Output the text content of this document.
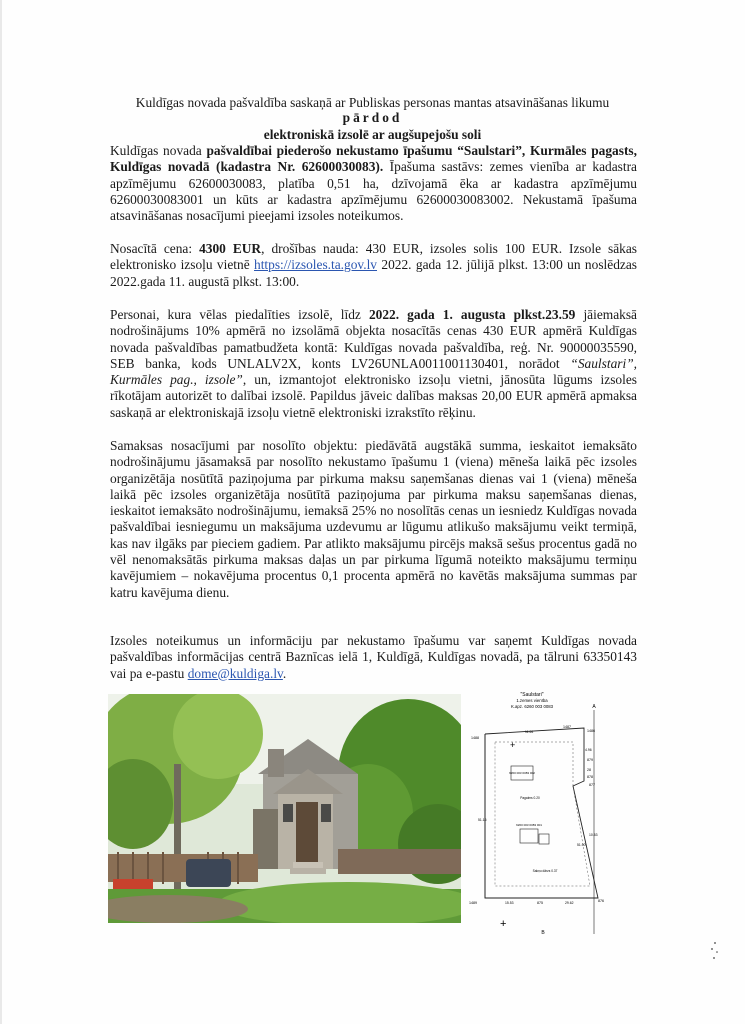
Kuldīgas novada pašvaldība saskaņā ar Publiskas personas mantas atsavināšanas likumu
pārdod
elektroniskā izsolē ar augšupejošu soli
Kuldīgas novada pašvaldībai piederošo nekustamo īpašumu “Saulstari”, Kurmāles pagasts, Kuldīgas novadā (kadastra Nr. 62600030083). Īpašuma sastāvs: zemes vienība ar kadastra apzīmējumu 62600030083, platība 0,51 ha, dzīvojamā ēka ar kadastra apzīmējumu 62600030083001 un kūts ar kadastra apzīmējumu 62600030083002. Nekustamā īpašuma atsavināšanas nosacījumi pieejami izsoles noteikumos.
Nosacītā cena: 4300 EUR, drošības nauda: 430 EUR, izsoles solis 100 EUR. Izsole sākas elektronisko izsoļu vietnē https://izsoles.ta.gov.lv 2022. gada 12. jūlijā plkst. 13:00 un noslēdzas 2022.gada 11. augustā plkst. 13:00.
Personai, kura vēlas piedalīties izsolē, līdz 2022. gada 1. augusta plkst.23.59 jāiemaksā nodrošinājums 10% apmērā no izsolāmā objekta nosacītās cenas 430 EUR apmērā Kuldīgas novada pašvaldības pamatbudžeta kontā: Kuldīgas novada pašvaldība, reģ. Nr. 90000035590, SEB banka, kods UNLALV2X, konts LV26UNLA0011001130401, norādot “Saulstari”, Kurmāles pag., izsole”, un, izmantojot elektronisko izsoļu vietni, jānosūta lūgums izsoles rīkotājam autorizēt to dalībai izsolē. Papildus jāveic dalības maksas 20,00 EUR apmērā apmaksa saskaņā ar elektroniskajā izsoļu vietnē elektroniski izrakstīto rēķinu.
Samaksas nosacījumi par nosolīto objektu: piedāvātā augstākā summa, ieskaitot iemaksāto nodrošinājumu jāsamaksā par nosolīto nekustamo īpašumu 1 (viena) mēneša laikā pēc izsoles organizētāja nosūtītā paziņojuma par pirkuma maksu saņemšanas dienas vai 1 (viena) mēneša laikā pēc izsoles organizētāja nosūtītā paziņojuma par pirkuma maksu saņemšanas dienas, ieskaitot iemaksāto nodrošinājumu, iemaksā 25% no nosolītās cenas un iesniedz Kuldīgas novada pašvaldībai iesniegumu un maksājuma uzdevumu ar lūgumu atlikušo maksājumu veikt termiņā, kas nav ilgāks par pieciem gadiem. Par atlikto maksājumu pircējs maksā sešus procentus gadā no vēl nenomaksātās pirkuma maksas daļas un par pirkuma līgumā noteikto maksājumu termiņu kavējumiem – nokavējuma procentus 0,1 procenta apmērā no kavētās maksājuma summas par katru kavējuma dienu.
Izsoles noteikumus un informāciju par nekustamo īpašumu var saņemt Kuldīgas novada pašvaldības informācijas centrā Baznīcas ielā 1, Kuldīgā, Kuldīgas novadā, pa tālruni 63350143 vai pa e-pastu dome@kuldiga.lv.
"Saulstari"
1.zemes vienība
K.apz. 6260 003 0083	A
B
6260 003 0083 002
6260 003 0083 001
Pagalms 0.20
Sakņu dārzs 0.37
+
+
1487
1486
1488
879
28
878
877
1489	875	876
11.64
4.96
51.16
10.53
15.53	29.62
51.00
